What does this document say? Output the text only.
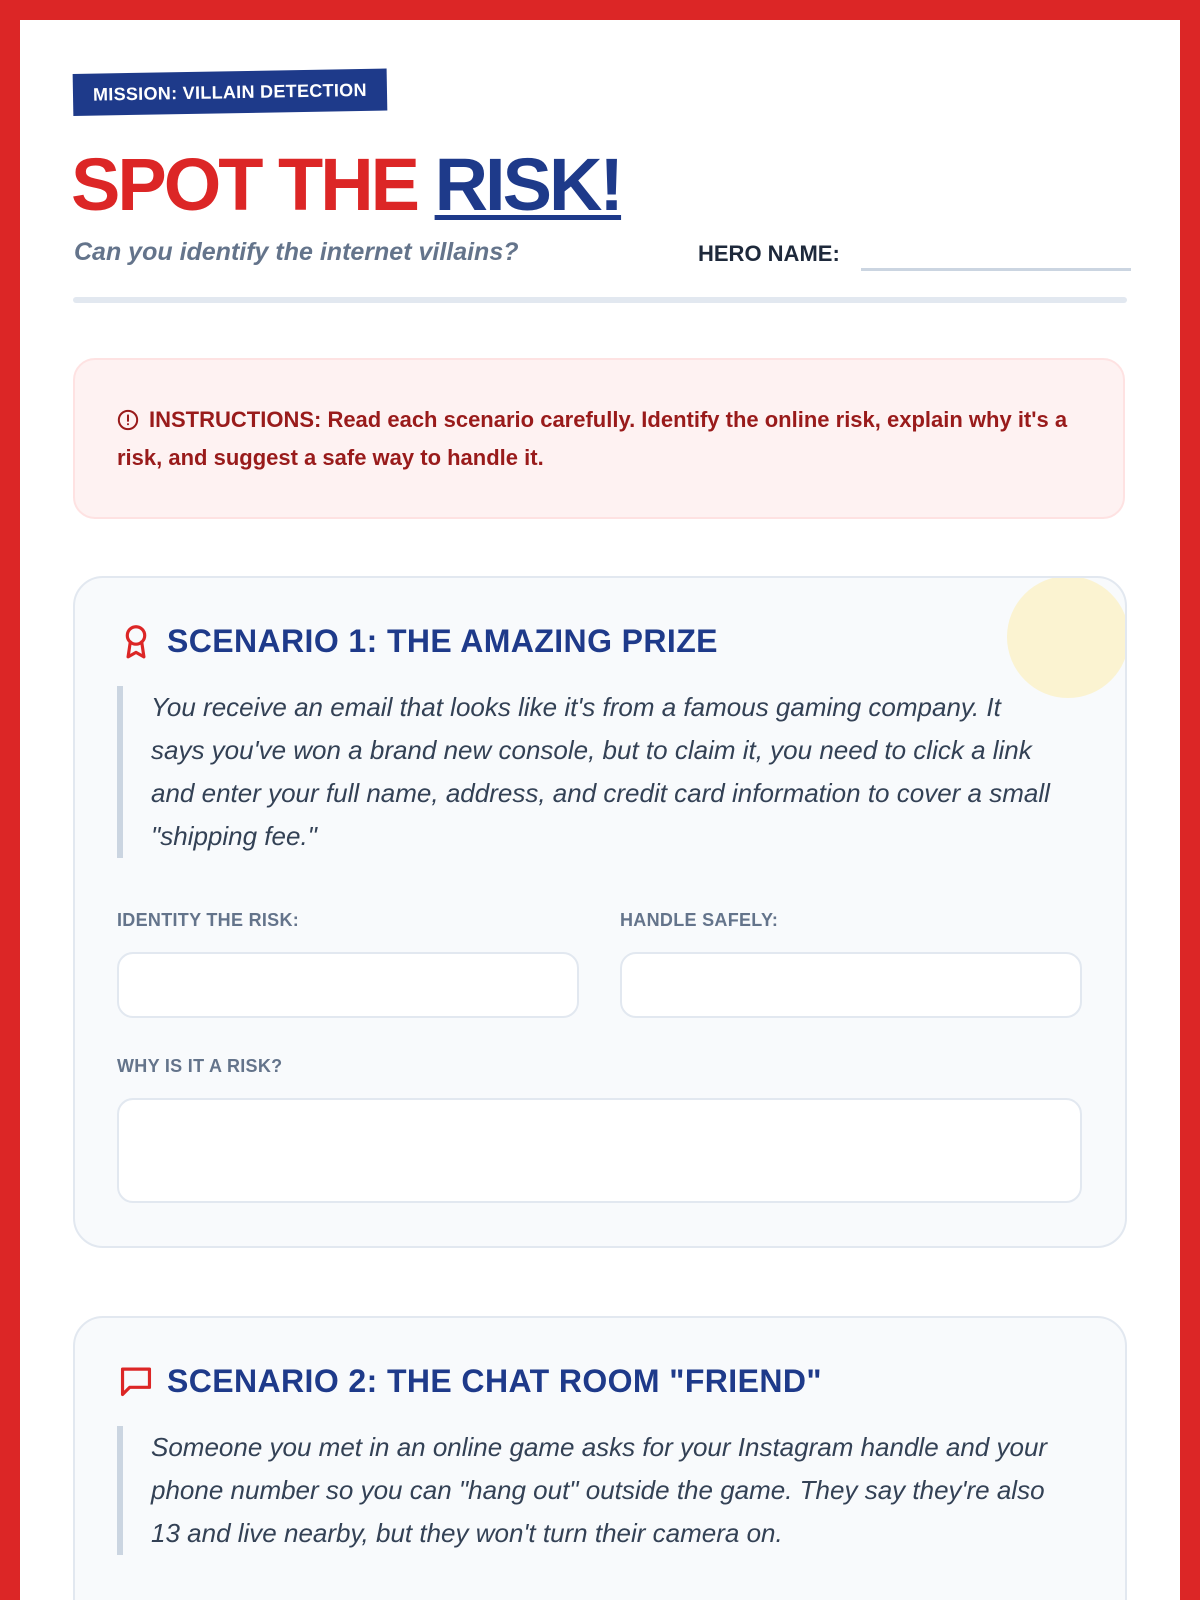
MISSION: VILLAIN DETECTION
SPOT THE RISK!
Can you identify the internet villains?	HERO NAME:
INSTRUCTIONS: Read each scenario carefully. Identify the online risk, explain why it's a risk, and suggest a safe way to handle it.
SCENARIO 1: THE AMAZING PRIZE
You receive an email that looks like it's from a famous gaming company. It says you've won a brand new console, but to claim it, you need to click a link and enter your full name, address, and credit card information to cover a small "shipping fee."
IDENTITY THE RISK:	HANDLE SAFELY:
WHY IS IT A RISK?
SCENARIO 2: THE CHAT ROOM "FRIEND"
Someone you met in an online game asks for your Instagram handle and your phone number so you can "hang out" outside the game. They say they're also 13 and live nearby, but they won't turn their camera on.
